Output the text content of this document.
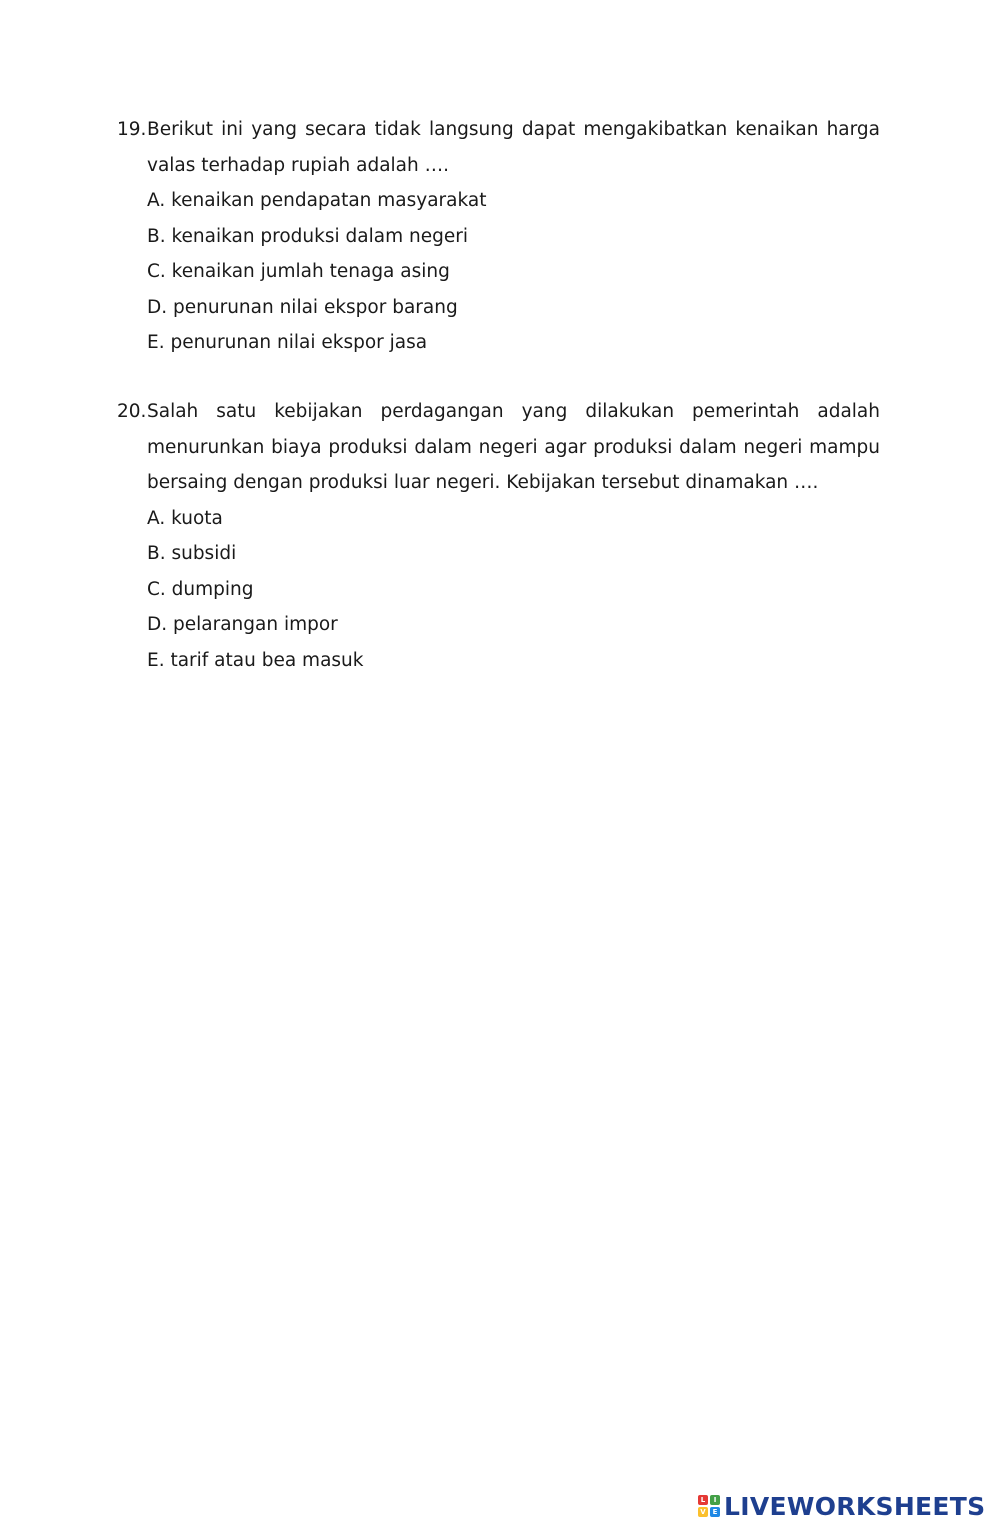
19. Berikut ini yang secara tidak langsung dapat mengakibatkan kenaikan harga valas terhadap rupiah adalah ….
A. kenaikan pendapatan masyarakat
B. kenaikan produksi dalam negeri
C. kenaikan jumlah tenaga asing
D. penurunan nilai ekspor barang
E. penurunan nilai ekspor jasa
20. Salah satu kebijakan perdagangan yang dilakukan pemerintah adalah menurunkan biaya produksi dalam negeri agar produksi dalam negeri mampu bersaing dengan produksi luar negeri. Kebijakan tersebut dinamakan ….
A. kuota
B. subsidi
C. dumping
D. pelarangan impor
E. tarif atau bea masuk
L	I
V E LIVEWORKSHEETS
